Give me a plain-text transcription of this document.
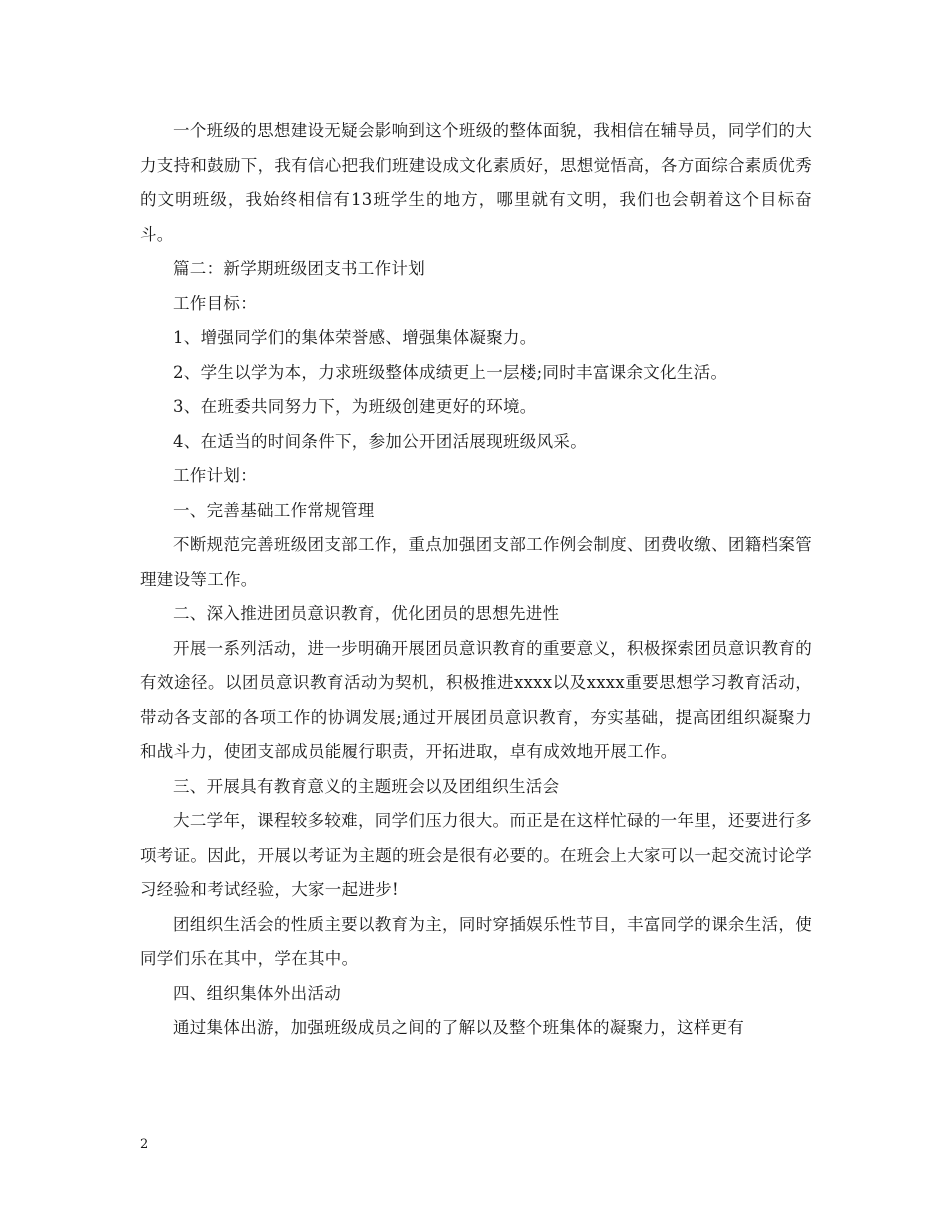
一个班级的思想建设无疑会影响到这个班级的整体面貌，我相信在辅导员，同学们的大力支持和鼓励下，我有信心把我们班建设成文化素质好，思想觉悟高，各方面综合素质优秀的文明班级，我始终相信有13班学生的地方，哪里就有文明，我们也会朝着这个目标奋斗。

篇二：新学期班级团支书工作计划

工作目标：

1、增强同学们的集体荣誉感、增强集体凝聚力。

2、学生以学为本，力求班级整体成绩更上一层楼;同时丰富课余文化生活。

3、在班委共同努力下，为班级创建更好的环境。

4、在适当的时间条件下，参加公开团活展现班级风采。

工作计划：

一、完善基础工作常规管理

不断规范完善班级团支部工作，重点加强团支部工作例会制度、团费收缴、团籍档案管理建设等工作。

二、深入推进团员意识教育，优化团员的思想先进性

开展一系列活动，进一步明确开展团员意识教育的重要意义，积极探索团员意识教育的有效途径。以团员意识教育活动为契机，积极推进xxxx以及xxxx重要思想学习教育活动，带动各支部的各项工作的协调发展;通过开展团员意识教育，夯实基础，提高团组织凝聚力和战斗力，使团支部成员能履行职责，开拓进取，卓有成效地开展工作。

三、开展具有教育意义的主题班会以及团组织生活会

大二学年，课程较多较难，同学们压力很大。而正是在这样忙碌的一年里，还要进行多项考证。因此，开展以考证为主题的班会是很有必要的。在班会上大家可以一起交流讨论学习经验和考试经验，大家一起进步!

团组织生活会的性质主要以教育为主，同时穿插娱乐性节目，丰富同学的课余生活，使同学们乐在其中，学在其中。

四、组织集体外出活动

通过集体出游，加强班级成员之间的了解以及整个班集体的凝聚力，这样更有

2
